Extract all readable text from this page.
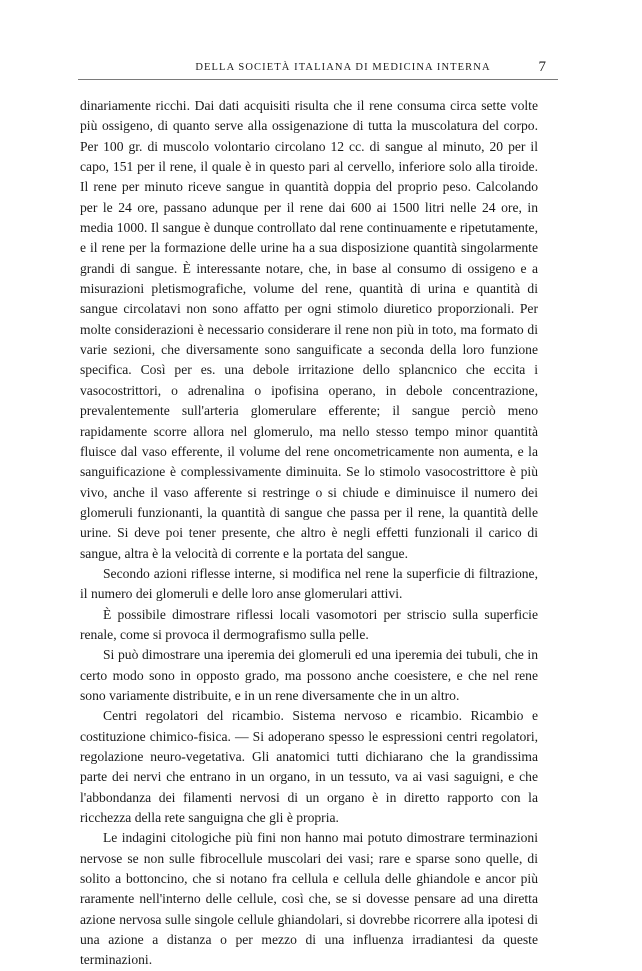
DELLA SOCIETÀ ITALIANA DI MEDICINA INTERNA	7

dinariamente ricchi. Dai dati acquisiti risulta che il rene consuma circa sette volte più ossigeno, di quanto serve alla ossigenazione di tutta la muscolatura del corpo. Per 100 gr. di muscolo volontario circolano 12 cc. di sangue al minuto, 20 per il capo, 151 per il rene, il quale è in questo pari al cervello, inferiore solo alla tiroide. Il rene per minuto riceve sangue in quantità doppia del proprio peso. Calcolando per le 24 ore, passano adunque per il rene dai 600 ai 1500 litri nelle 24 ore, in media 1000. Il sangue è dunque controllato dal rene continuamente e ripetutamente, e il rene per la formazione delle urine ha a sua disposizione quantità singolarmente grandi di sangue. È interessante notare, che, in base al consumo di ossigeno e a misurazioni pletismografiche, volume del rene, quantità di urina e quantità di sangue circolatavi non sono affatto per ogni stimolo diuretico proporzionali. Per molte considerazioni è necessario considerare il rene non più in toto, ma formato di varie sezioni, che diversamente sono sanguificate a seconda della loro funzione specifica. Così per es. una debole irritazione dello splancnico che eccita i vasocostrittori, o adrenalina o ipofisina operano, in debole concentrazione, prevalentemente sull'arteria glomerulare efferente; il sangue perciò meno rapidamente scorre allora nel glomerulo, ma nello stesso tempo minor quantità fluisce dal vaso efferente, il volume del rene oncometricamente non aumenta, e la sanguificazione è complessivamente diminuita. Se lo stimolo vasocostrittore è più vivo, anche il vaso afferente si restringe o si chiude e diminuisce il numero dei glomeruli funzionanti, la quantità di sangue che passa per il rene, la quantità delle urine. Si deve poi tener presente, che altro è negli effetti funzionali il carico di sangue, altra è la velocità di corrente e la portata del sangue.

Secondo azioni riflesse interne, si modifica nel rene la superficie di filtrazione, il numero dei glomeruli e delle loro anse glomerulari attivi.

È possibile dimostrare riflessi locali vasomotori per striscio sulla superficie renale, come si provoca il dermografismo sulla pelle.

Si può dimostrare una iperemia dei glomeruli ed una iperemia dei tubuli, che in certo modo sono in opposto grado, ma possono anche coesistere, e che nel rene sono variamente distribuite, e in un rene diversamente che in un altro.

Centri regolatori del ricambio. Sistema nervoso e ricambio. Ricambio e costituzione chimico-fisica. — Si adoperano spesso le espressioni centri regolatori, regolazione neuro-vegetativa. Gli anatomici tutti dichiarano che la grandissima parte dei nervi che entrano in un organo, in un tessuto, va ai vasi saguigni, e che l'abbondanza dei filamenti nervosi di un organo è in diretto rapporto con la ricchezza della rete sanguigna che gli è propria.

Le indagini citologiche più fini non hanno mai potuto dimostrare terminazioni nervose se non sulle fibrocellule muscolari dei vasi; rare e sparse sono quelle, di solito a bottoncino, che si notano fra cellula e cellula delle ghiandole e ancor più raramente nell'interno delle cellule, così che, se si dovesse pensare ad una diretta azione nervosa sulle singole cellule ghiandolari, si dovrebbe ricorrere alla ipotesi di una azione a distanza o per mezzo di una influenza irradiantesi da queste terminazioni.
